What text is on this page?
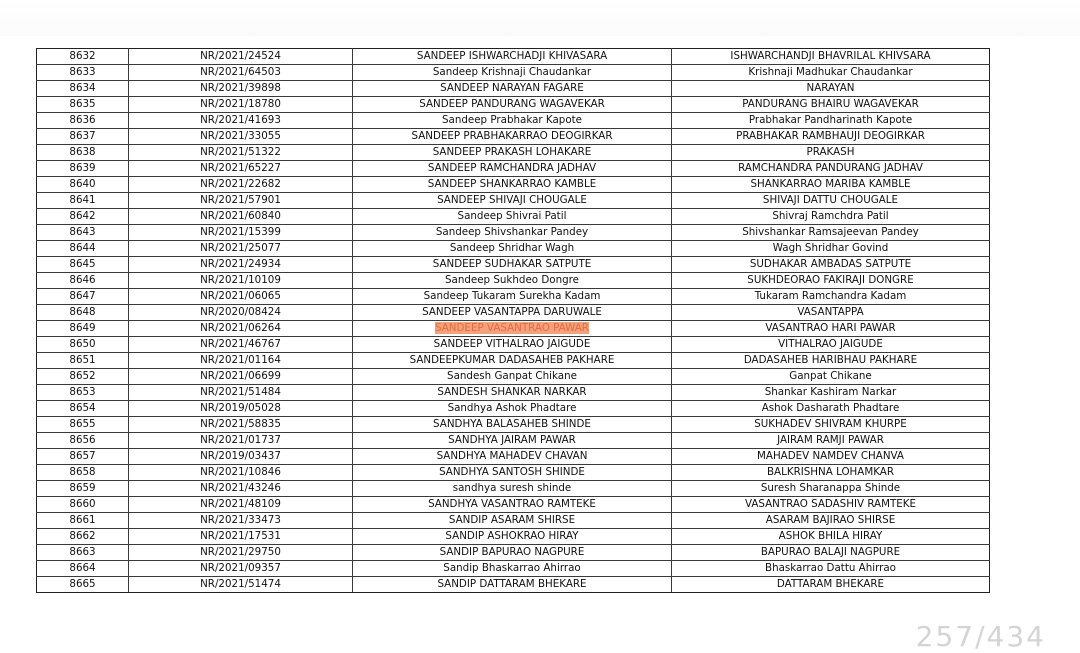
8632	NR/2021/24524	SANDEEP ISHWARCHADJI KHIVASARA	ISHWARCHANDJI BHAVRILAL KHIVSARA
8633	NR/2021/64503	Sandeep Krishnaji Chaudankar	Krishnaji Madhukar Chaudankar
8634	NR/2021/39898	SANDEEP NARAYAN FAGARE	NARAYAN
8635	NR/2021/18780	SANDEEP PANDURANG WAGAVEKAR	PANDURANG BHAIRU WAGAVEKAR
8636	NR/2021/41693	Sandeep Prabhakar Kapote	Prabhakar Pandharinath Kapote
8637	NR/2021/33055	SANDEEP PRABHAKARRAO DEOGIRKAR	PRABHAKAR RAMBHAUJI DEOGIRKAR
8638	NR/2021/51322	SANDEEP PRAKASH LOHAKARE	PRAKASH
8639	NR/2021/65227	SANDEEP RAMCHANDRA JADHAV	RAMCHANDRA PANDURANG JADHAV
8640	NR/2021/22682	SANDEEP SHANKARRAO KAMBLE	SHANKARRAO MARIBA KAMBLE
8641	NR/2021/57901	SANDEEP SHIVAJI CHOUGALE	SHIVAJI DATTU CHOUGALE
8642	NR/2021/60840	Sandeep Shivrai Patil	Shivraj Ramchdra Patil
8643	NR/2021/15399	Sandeep Shivshankar Pandey	Shivshankar Ramsajeevan Pandey
8644	NR/2021/25077	Sandeep Shridhar Wagh	Wagh Shridhar Govind
8645	NR/2021/24934	SANDEEP SUDHAKAR SATPUTE	SUDHAKAR AMBADAS SATPUTE
8646	NR/2021/10109	Sandeep Sukhdeo Dongre	SUKHDEORAO FAKIRAJI DONGRE
8647	NR/2021/06065	Sandeep Tukaram Surekha Kadam	Tukaram Ramchandra Kadam
8648	NR/2020/08424	SANDEEP VASANTAPPA DARUWALE	VASANTAPPA
8649	NR/2021/06264	SANDEEP VASANTRAO PAWAR	VASANTRAO HARI PAWAR
8650	NR/2021/46767	SANDEEP VITHALRAO JAIGUDE	VITHALRAO JAIGUDE
8651	NR/2021/01164	SANDEEPKUMAR DADASAHEB PAKHARE	DADASAHEB HARIBHAU PAKHARE
8652	NR/2021/06699	Sandesh Ganpat Chikane	Ganpat Chikane
8653	NR/2021/51484	SANDESH SHANKAR NARKAR	Shankar Kashiram Narkar
8654	NR/2019/05028	Sandhya Ashok Phadtare	Ashok Dasharath Phadtare
8655	NR/2021/58835	SANDHYA BALASAHEB SHINDE	SUKHADEV SHIVRAM KHURPE
8656	NR/2021/01737	SANDHYA JAIRAM PAWAR	JAIRAM RAMJI PAWAR
8657	NR/2019/03437	SANDHYA MAHADEV CHAVAN	MAHADEV NAMDEV CHANVA
8658	NR/2021/10846	SANDHYA SANTOSH SHINDE	BALKRISHNA LOHAMKAR
8659	NR/2021/43246	sandhya suresh shinde	Suresh Sharanappa Shinde
8660	NR/2021/48109	SANDHYA VASANTRAO RAMTEKE	VASANTRAO SADASHIV RAMTEKE
8661	NR/2021/33473	SANDIP ASARAM SHIRSE	ASARAM BAJIRAO SHIRSE
8662	NR/2021/17531	SANDIP ASHOKRAO HIRAY	ASHOK BHILA HIRAY
8663	NR/2021/29750	SANDIP BAPURAO NAGPURE	BAPURAO BALAJI NAGPURE
8664	NR/2021/09357	Sandip Bhaskarrao Ahirrao	Bhaskarrao Dattu Ahirrao
8665	NR/2021/51474	SANDIP DATTARAM BHEKARE	DATTARAM BHEKARE
257/434
